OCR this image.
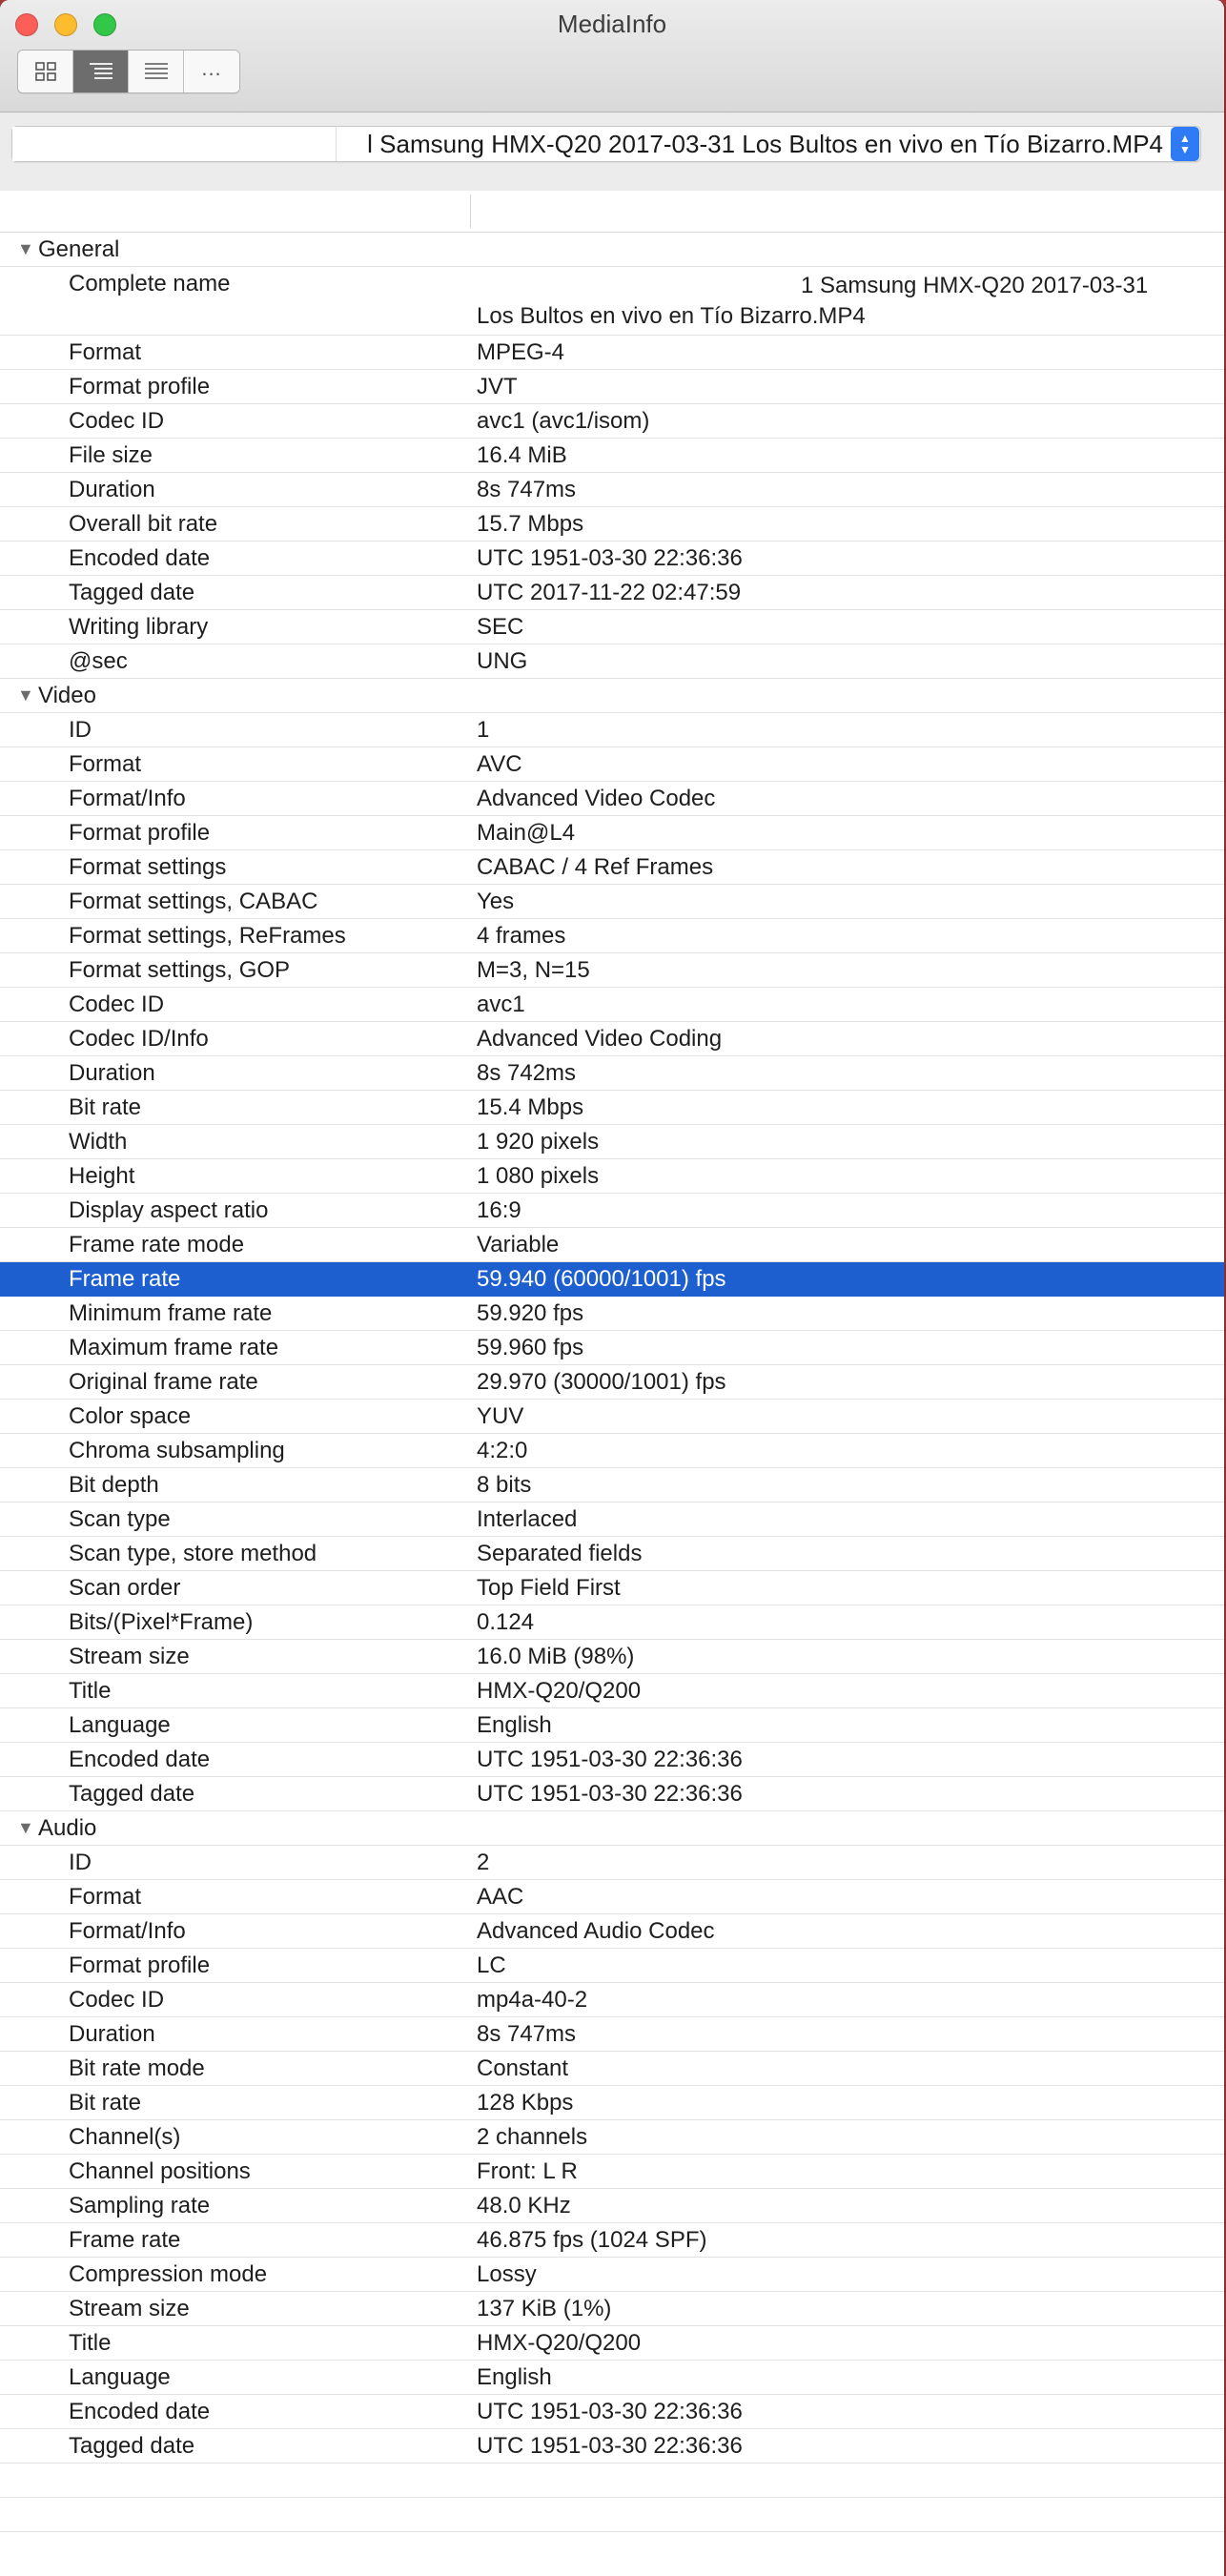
MediaInfo
...
l Samsung HMX-Q20 2017-03-31 Los Bultos en vivo en Tío Bizarro.MP4	▲
▼
▼ General
Complete name	1 Samsung HMX-Q20 2017-03-31 Los Bultos en vivo en Tío Bizarro.MP4
Format	MPEG-4
Format profile	JVT
Codec ID	avc1 (avc1/isom)
File size	16.4 MiB
Duration	8s 747ms
Overall bit rate	15.7 Mbps
Encoded date	UTC 1951-03-30 22:36:36
Tagged date	UTC 2017-11-22 02:47:59
Writing library	SEC
@sec	UNG
▼ Video
ID	1
Format	AVC
Format/Info	Advanced Video Codec
Format profile	Main@L4
Format settings	CABAC / 4 Ref Frames
Format settings, CABAC	Yes
Format settings, ReFrames	4 frames
Format settings, GOP	M=3, N=15
Codec ID	avc1
Codec ID/Info	Advanced Video Coding
Duration	8s 742ms
Bit rate	15.4 Mbps
Width	1 920 pixels
Height	1 080 pixels
Display aspect ratio	16:9
Frame rate mode	Variable
Frame rate	59.940 (60000/1001) fps
Minimum frame rate	59.920 fps
Maximum frame rate	59.960 fps
Original frame rate	29.970 (30000/1001) fps
Color space	YUV
Chroma subsampling	4:2:0
Bit depth	8 bits
Scan type	Interlaced
Scan type, store method	Separated fields
Scan order	Top Field First
Bits/(Pixel*Frame)	0.124
Stream size	16.0 MiB (98%)
Title	HMX-Q20/Q200
Language	English
Encoded date	UTC 1951-03-30 22:36:36
Tagged date	UTC 1951-03-30 22:36:36
▼ Audio
ID	2
Format	AAC
Format/Info	Advanced Audio Codec
Format profile	LC
Codec ID	mp4a-40-2
Duration	8s 747ms
Bit rate mode	Constant
Bit rate	128 Kbps
Channel(s)	2 channels
Channel positions	Front: L R
Sampling rate	48.0 KHz
Frame rate	46.875 fps (1024 SPF)
Compression mode	Lossy
Stream size	137 KiB (1%)
Title	HMX-Q20/Q200
Language	English
Encoded date	UTC 1951-03-30 22:36:36
Tagged date	UTC 1951-03-30 22:36:36
